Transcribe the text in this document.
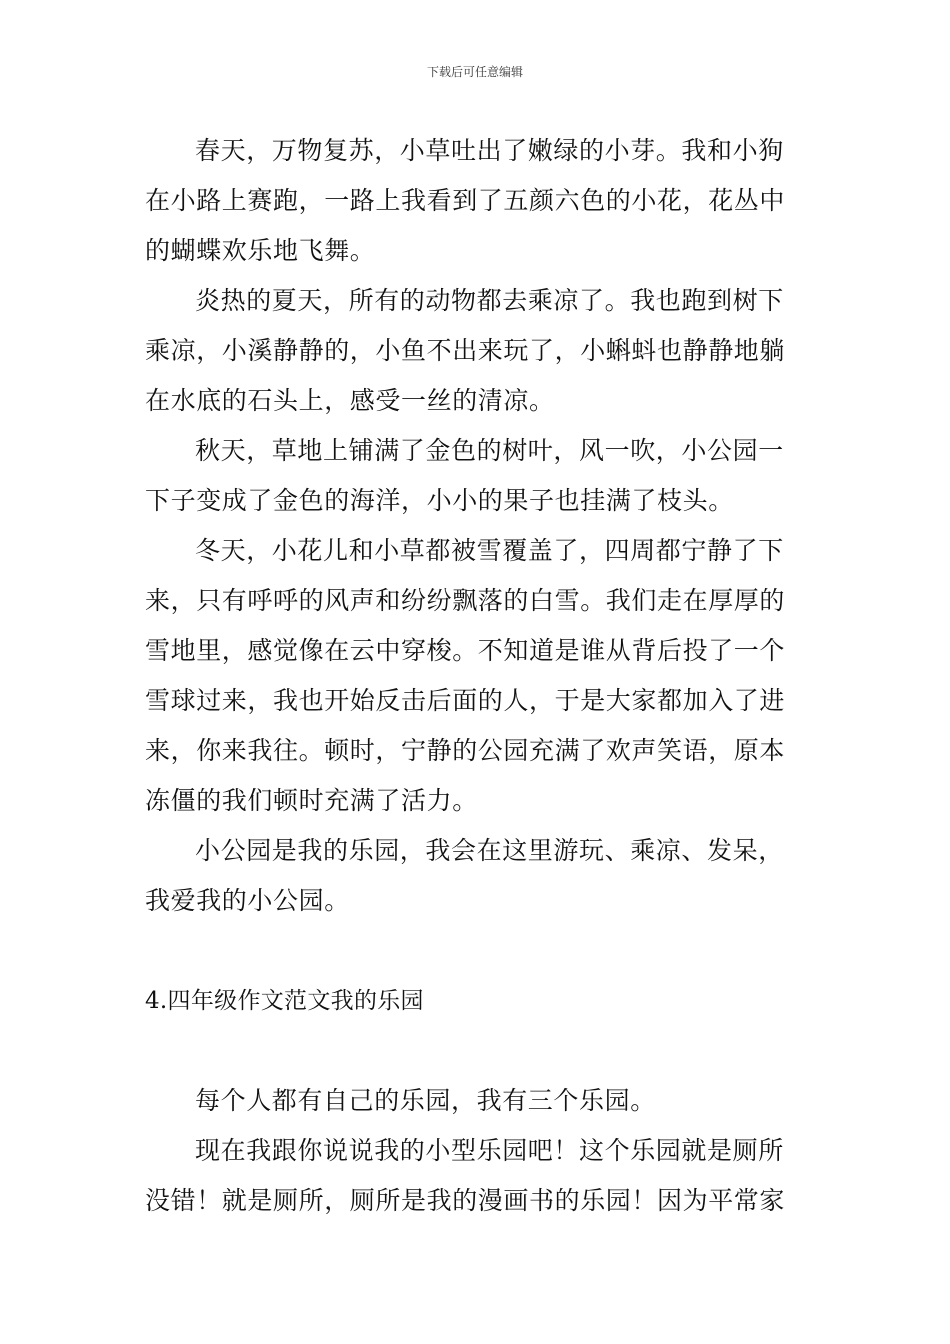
下载后可任意编辑

春天，万物复苏，小草吐出了嫩绿的小芽。我和小狗在小路上赛跑，一路上我看到了五颜六色的小花，花丛中的蝴蝶欢乐地飞舞。

炎热的夏天，所有的动物都去乘凉了。我也跑到树下乘凉，小溪静静的，小鱼不出来玩了，小蝌蚪也静静地躺在水底的石头上，感受一丝的清凉。

秋天，草地上铺满了金色的树叶，风一吹，小公园一下子变成了金色的海洋，小小的果子也挂满了枝头。

冬天，小花儿和小草都被雪覆盖了，四周都宁静了下来，只有呼呼的风声和纷纷飘落的白雪。我们走在厚厚的雪地里，感觉像在云中穿梭。不知道是谁从背后投了一个雪球过来，我也开始反击后面的人，于是大家都加入了进来，你来我往。顿时，宁静的公园充满了欢声笑语，原本冻僵的我们顿时充满了活力。

小公园是我的乐园，我会在这里游玩、乘凉、发呆，我爱我的小公园。

4.四年级作文范文我的乐园

每个人都有自己的乐园，我有三个乐园。

现在我跟你说说我的小型乐园吧！这个乐园就是厕所没错！就是厕所，厕所是我的漫画书的乐园！因为平常家
